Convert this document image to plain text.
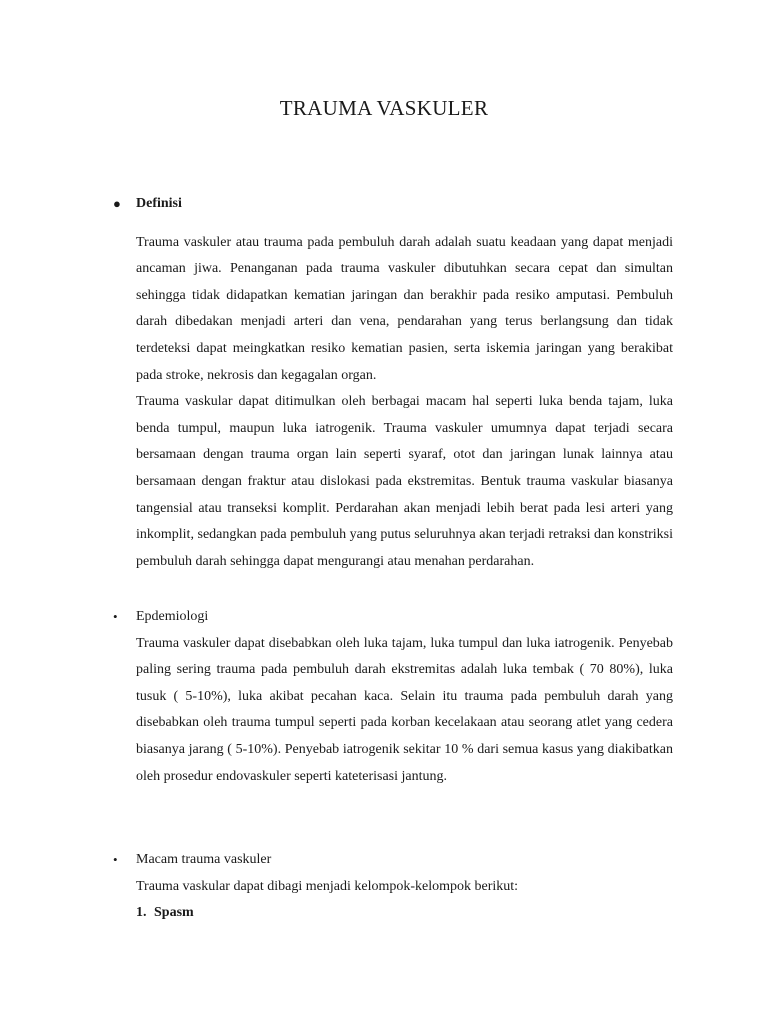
TRAUMA VASKULER
● Definisi

Trauma vaskuler atau trauma pada pembuluh darah adalah suatu keadaan yang dapat menjadi ancaman jiwa. Penanganan pada trauma vaskuler dibutuhkan secara cepat dan simultan sehingga tidak didapatkan kematian jaringan dan berakhir pada resiko amputasi. Pembuluh darah dibedakan menjadi arteri dan vena, pendarahan yang terus berlangsung dan tidak terdeteksi dapat meingkatkan resiko kematian pasien, serta iskemia jaringan yang berakibat pada stroke, nekrosis dan kegagalan organ.

Trauma vaskular dapat ditimulkan oleh berbagai macam hal seperti luka benda tajam, luka benda tumpul, maupun luka iatrogenik. Trauma vaskuler umumnya dapat terjadi secara bersamaan dengan trauma organ lain seperti syaraf, otot dan jaringan lunak lainnya atau bersamaan dengan fraktur atau dislokasi pada ekstremitas. Bentuk trauma vaskular biasanya tangensial atau transeksi komplit. Perdarahan akan menjadi lebih berat pada lesi arteri yang inkomplit, sedangkan pada pembuluh yang putus seluruhnya akan terjadi retraksi dan konstriksi pembuluh darah sehingga dapat mengurangi atau menahan perdarahan.

• Epdemiologi

Trauma vaskuler dapat disebabkan oleh luka tajam, luka tumpul dan luka iatrogenik. Penyebab paling sering trauma pada pembuluh darah ekstremitas adalah luka tembak ( 70 80%), luka tusuk ( 5-10%), luka akibat pecahan kaca. Selain itu trauma pada pembuluh darah yang disebabkan oleh trauma tumpul seperti pada korban kecelakaan atau seorang atlet yang cedera biasanya jarang ( 5-10%). Penyebab iatrogenik sekitar 10 % dari semua kasus yang diakibatkan oleh prosedur endovaskuler seperti kateterisasi jantung.

• Macam trauma vaskuler

Trauma vaskular dapat dibagi menjadi kelompok-kelompok berikut:

1. Spasm
